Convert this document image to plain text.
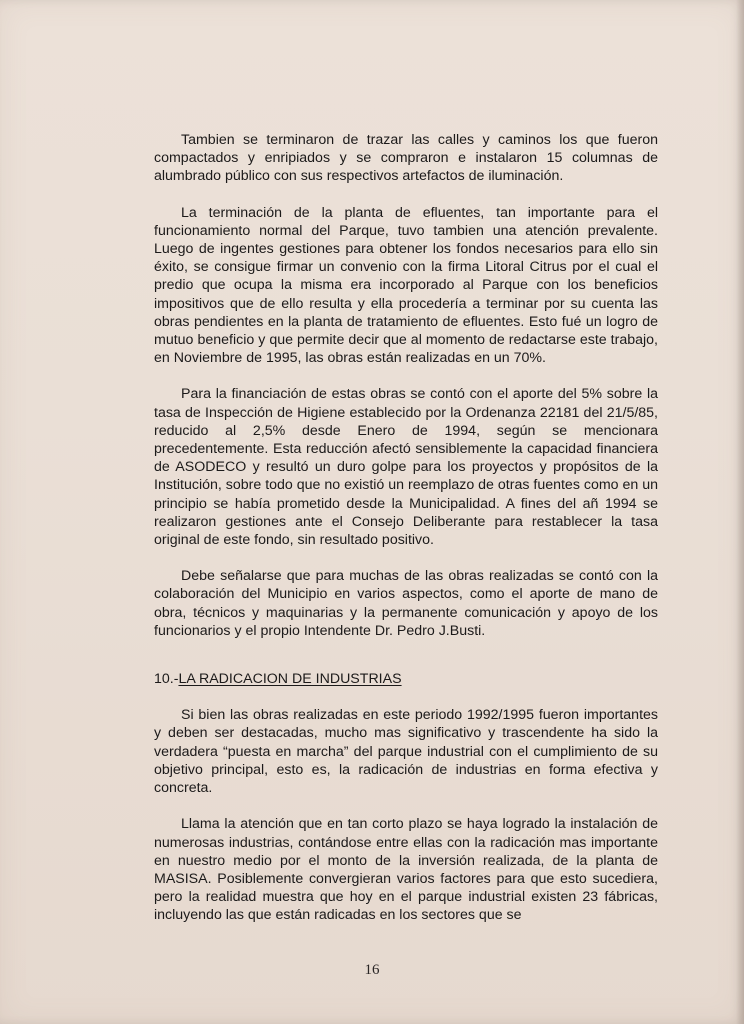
Tambien se terminaron de trazar las calles y caminos los que fueron compactados y enripiados y se compraron e instalaron 15 columnas de alumbrado público con sus respectivos artefactos de iluminación.

La terminación de la planta de efluentes, tan importante para el funcionamiento normal del Parque, tuvo tambien una atención prevalente. Luego de ingentes gestiones para obtener los fondos necesarios para ello sin éxito, se consigue firmar un convenio con la firma Litoral Citrus por el cual el predio que ocupa la misma era incorporado al Parque con los beneficios impositivos que de ello resulta y ella procedería a terminar por su cuenta las obras pendientes en la planta de tratamiento de efluentes. Esto fué un logro de mutuo beneficio y que permite decir que al momento de redactarse este trabajo, en Noviembre de 1995, las obras están realizadas en un 70%.

Para la financiación de estas obras se contó con el aporte del 5% sobre la tasa de Inspección de Higiene establecido por la Ordenanza 22181 del 21/5/85, reducido al 2,5% desde Enero de 1994, según se mencionara precedentemente. Esta reducción afectó sensiblemente la capacidad financiera de ASODECO y resultó un duro golpe para los proyectos y propósitos de la Institución, sobre todo que no existió un reemplazo de otras fuentes como en un principio se había prometido desde la Municipalidad. A fines del añ 1994 se realizaron gestiones ante el Consejo Deliberante para restablecer la tasa original de este fondo, sin resultado positivo.

Debe señalarse que para muchas de las obras realizadas se contó con la colaboración del Municipio en varios aspectos, como el aporte de mano de obra, técnicos y maquinarias y la permanente comunicación y apoyo de los funcionarios y el propio Intendente Dr. Pedro J.Busti.

10.-LA RADICACION DE INDUSTRIAS

Si bien las obras realizadas en este periodo 1992/1995 fueron importantes y deben ser destacadas, mucho mas significativo y trascendente ha sido la verdadera “puesta en marcha” del parque industrial con el cumplimiento de su objetivo principal, esto es, la radicación de industrias en forma efectiva y concreta.

Llama la atención que en tan corto plazo se haya logrado la instalación de numerosas industrias, contándose entre ellas con la radicación mas importante en nuestro medio por el monto de la inversión realizada, de la planta de MASISA. Posiblemente convergieran varios factores para que esto sucediera, pero la realidad muestra que hoy en el parque industrial existen 23 fábricas, incluyendo las que están radicadas en los sectores que se

16
